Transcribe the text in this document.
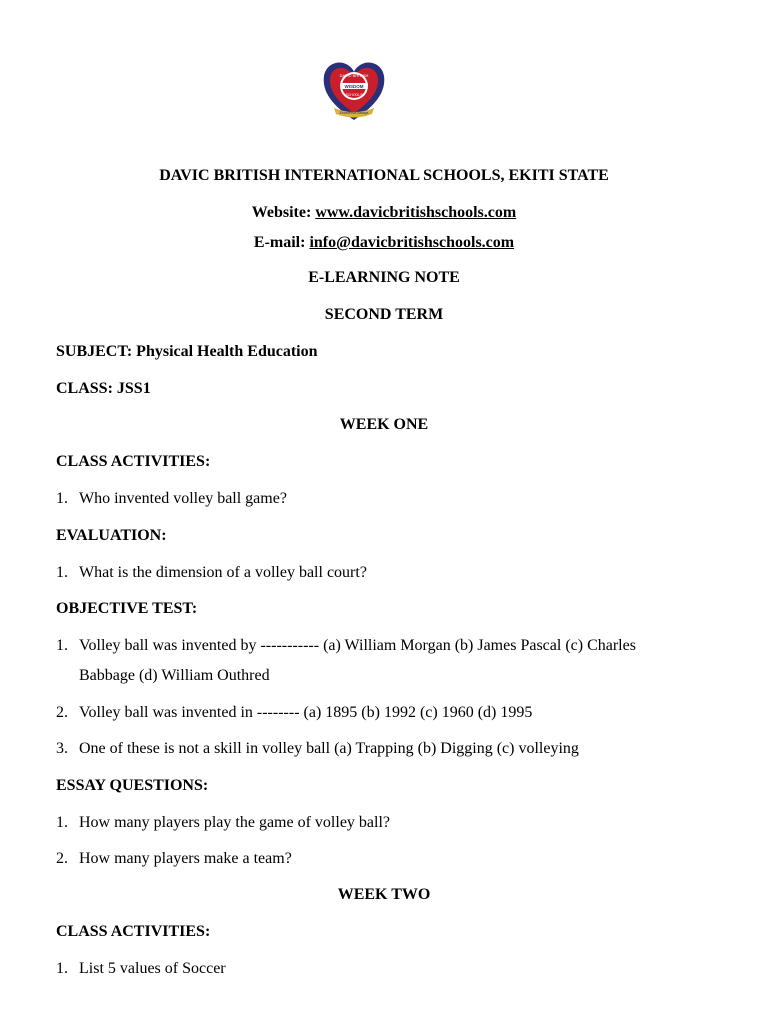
DAVIC BRITISH
WISDOM
SCHOOLS
Excellence Always
DAVIC BRITISH INTERNATIONAL SCHOOLS, EKITI STATE
Website: www.davicbritishschools.com
E-mail: info@davicbritishschools.com
E-LEARNING NOTE
SECOND TERM
SUBJECT: Physical Health Education
CLASS: JSS1
WEEK ONE
CLASS ACTIVITIES:
1. Who invented volley ball game?
EVALUATION:
1. What is the dimension of a volley ball court?
OBJECTIVE TEST:
1. Volley ball was invented by ----------- (a) William Morgan (b) James Pascal (c) Charles
Babbage (d) William Outhred
2. Volley ball was invented in -------- (a) 1895 (b) 1992 (c) 1960 (d) 1995
3. One of these is not a skill in volley ball (a) Trapping (b) Digging (c) volleying
ESSAY QUESTIONS:
1. How many players play the game of volley ball?
2. How many players make a team?
WEEK TWO
CLASS ACTIVITIES:
1. List 5 values of Soccer
